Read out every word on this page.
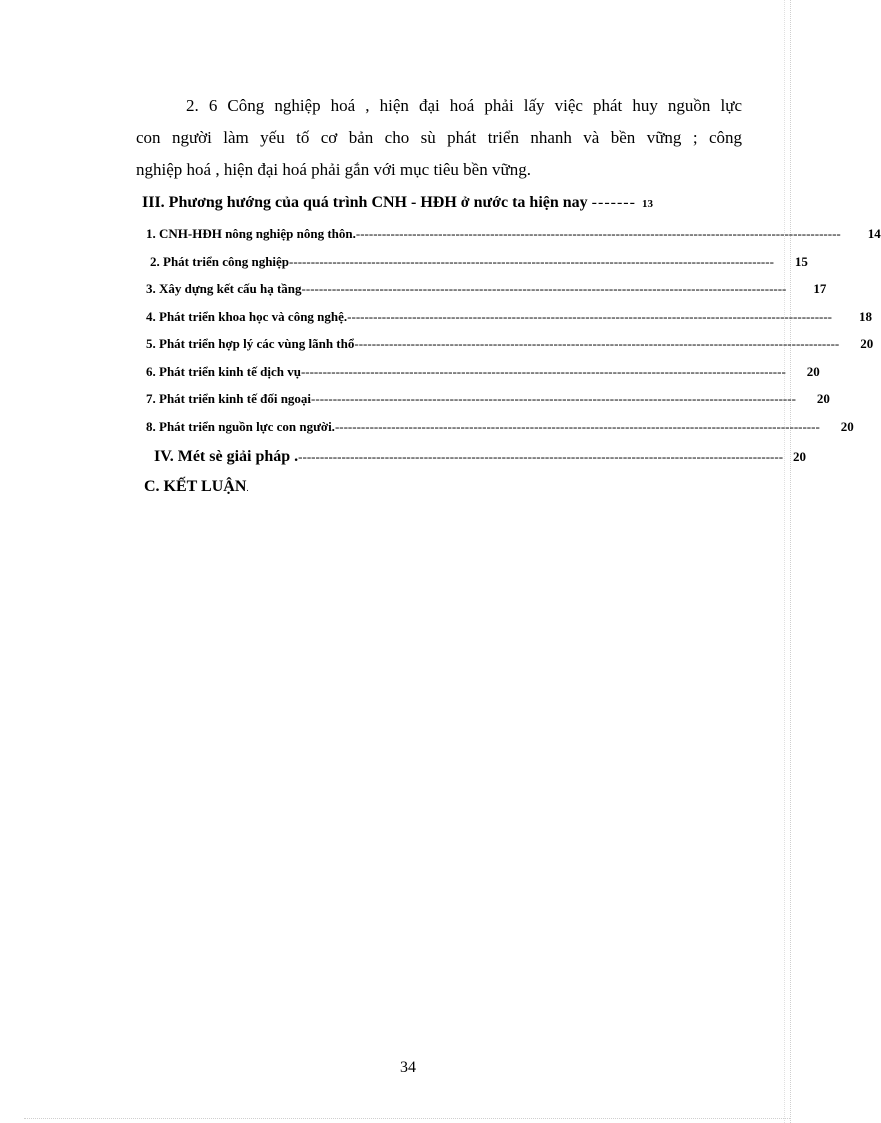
2. 6 Công nghiệp hoá , hiện đại hoá phải lấy việc phát huy nguồn lực
con người làm yếu tố cơ bản cho sù phát triển nhanh và bền vững ; công
nghiệp hoá , hiện đại hoá phải gắn với mục tiêu bền vững.
III. Phương hướng của quá trình CNH - HĐH ở nước ta hiện nay ------- 13
1. CNH-HĐH nông nghiệp nông thôn. ----------------------------------------------------------------------------------------------------------------	14
2. Phát triển công nghiệp ----------------------------------------------------------------------------------------------------------------	15
3. Xây dựng kết cấu hạ tầng ----------------------------------------------------------------------------------------------------------------	17
4. Phát triển khoa học và công nghệ. ----------------------------------------------------------------------------------------------------------------	18
5. Phát triển hợp lý các vùng lãnh thổ ----------------------------------------------------------------------------------------------------------------	20
6. Phát triển kinh tế dịch vụ ----------------------------------------------------------------------------------------------------------------	20
7. Phát triển kinh tế đối ngoại ----------------------------------------------------------------------------------------------------------------	20
8. Phát triển nguồn lực con người. ----------------------------------------------------------------------------------------------------------------	20
IV. Mét sè giải pháp . ---------------------------------------------------------------------------------------------------------------- 20
C. KẾT LUẬN.
34
